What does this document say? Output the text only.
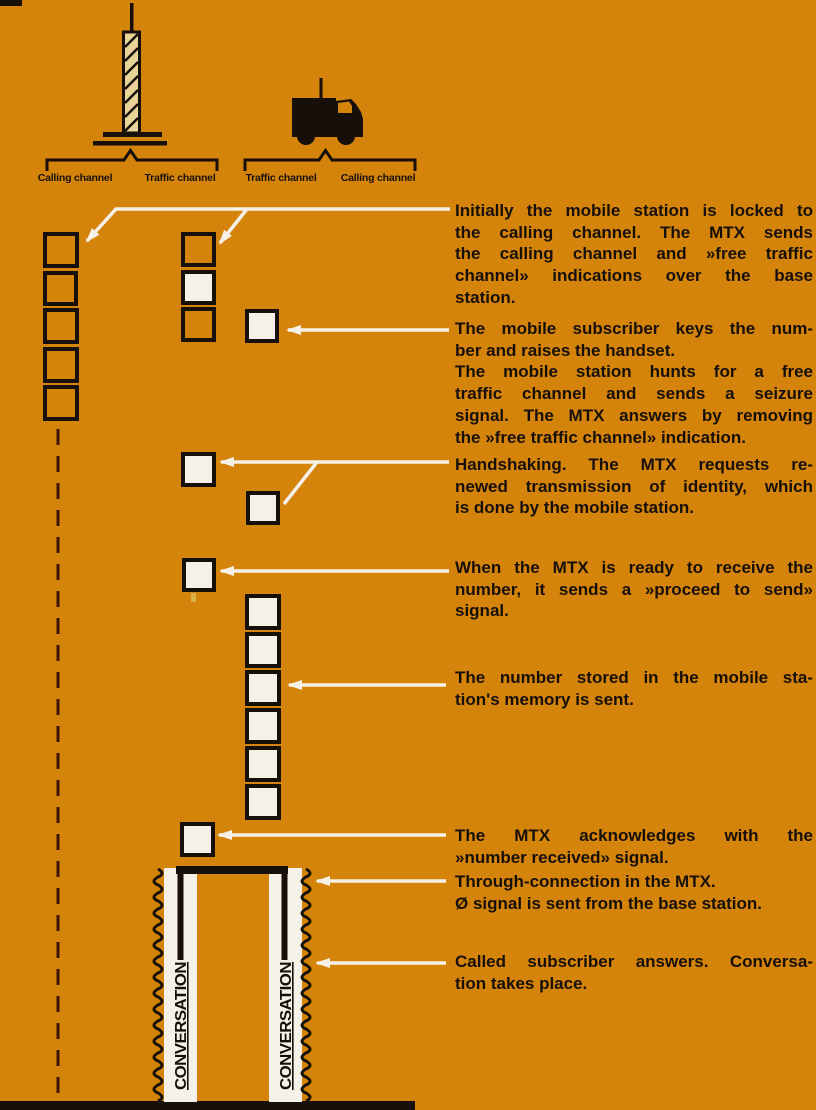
CONVERSATION	CONVERSATION
Calling channel	Traffic channel	Traffic channel	Calling channel
Initially the mobile station is locked to
the calling channel. The MTX sends
the calling channel and »free traffic
channel» indications over the base
station.
The mobile subscriber keys the num-
ber and raises the handset.
The mobile station hunts for a free
traffic channel and sends a seizure
signal. The MTX answers by removing
the »free traffic channel» indication.
Handshaking. The MTX requests re-
newed transmission of identity, which
is done by the mobile station.
When the MTX is ready to receive the
number, it sends a »proceed to send»
signal.
The number stored in the mobile sta-
tion's memory is sent.
The MTX acknowledges with the
»number received» signal.
Through-connection in the MTX.
Ø signal is sent from the base station.
Called subscriber answers. Conversa-
tion takes place.
